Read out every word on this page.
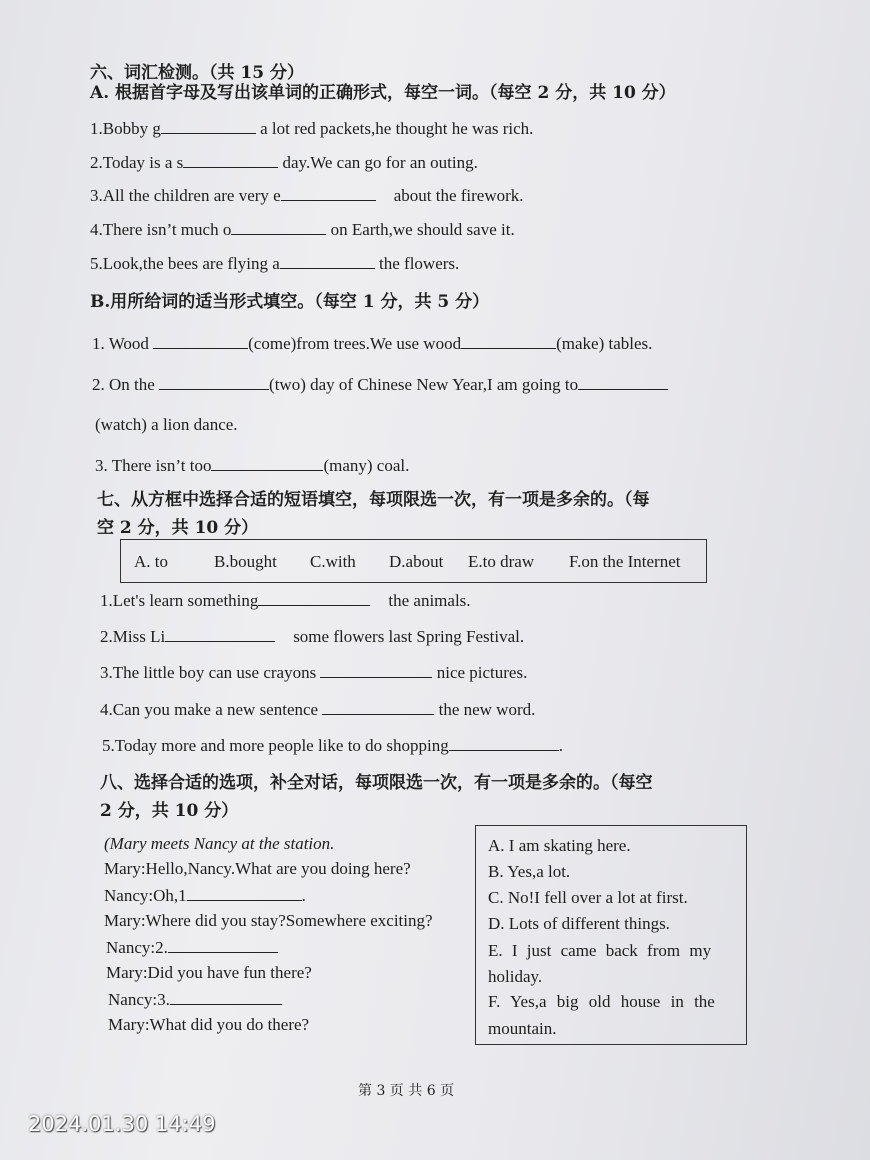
六、词汇检测。（共 15 分）
A. 根据首字母及写出该单词的正确形式，每空一词。（每空 2 分，共 10 分）
1.Bobby g	a lot red packets,he thought he was rich.
2.Today is a s	day.We can go for an outing.
3.All the children are very e	about the firework.
4.There isn’t much o	on Earth,we should save it.
5.Look,the bees are flying a	the flowers.
B.用所给词的适当形式填空。（每空 1 分，共 5 分）
1. Wood	(come)from trees.We use wood	(make) tables.
2. On the	(two) day of Chinese New Year,I am going to
(watch) a lion dance.
3. There isn’t too	(many) coal.
七、从方框中选择合适的短语填空，每项限选一次，有一项是多余的。（每
空 2 分，共 10 分）
A. to	B.bought C.with D.about E.to draw F.on the Internet
1.Let's learn something	the animals.
2.Miss Li	some flowers last Spring Festival.
3.The little boy can use crayons	nice pictures.
4.Can you make a new sentence	the new word.
5.Today more and more people like to do shopping	.
八、选择合适的选项，补全对话，每项限选一次，有一项是多余的。（每空
2 分，共 10 分）
(Mary meets Nancy at the station.
Mary:Hello,Nancy.What are you doing here?
Nancy:Oh,1	.
Mary:Where did you stay?Somewhere exciting?
Nancy:2.
Mary:Did you have fun there?
Nancy:3.
Mary:What did you do there?
A. I am skating here.
B. Yes,a lot.
C. No!I fell over a lot at first.
D. Lots of different things.
E. I just came back from my
holiday.
F. Yes,a big old house in the
mountain.
第 3 页 共 6 页
2024.01.30 14:49
